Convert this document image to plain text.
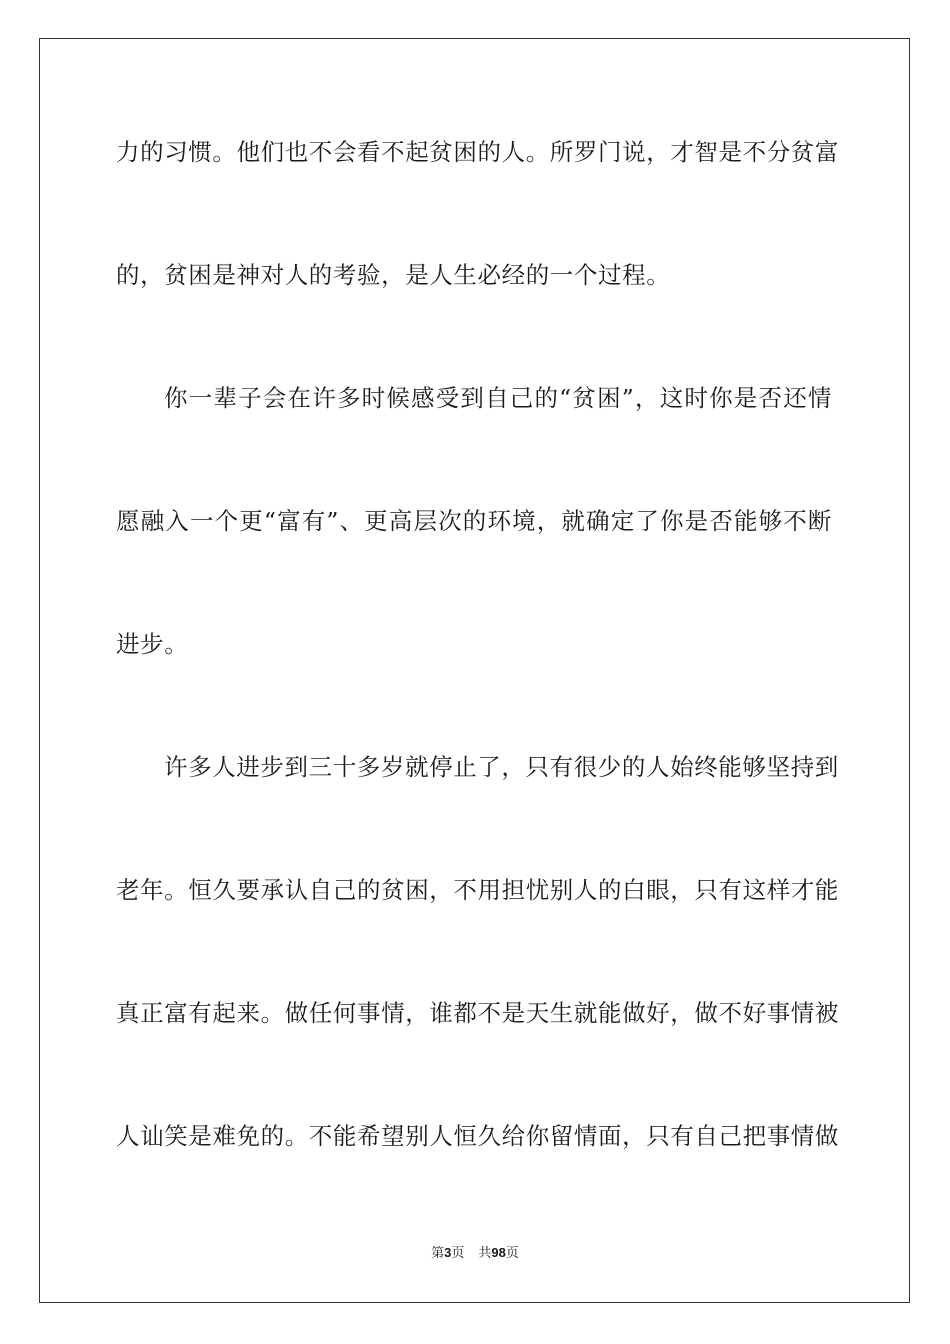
力的习惯。他们也不会看不起贫困的人。所罗门说，才智是不分贫富
的，贫困是神对人的考验，是人生必经的一个过程。
你一辈子会在许多时候感受到自己的“贫困”，这时你是否还情
愿融入一个更“富有”、更高层次的环境，就确定了你是否能够不断
进步。
许多人进步到三十多岁就停止了，只有很少的人始终能够坚持到
老年。恒久要承认自己的贫困，不用担忧别人的白眼，只有这样才能
真正富有起来。做任何事情，谁都不是天生就能做好，做不好事情被
人讪笑是难免的。不能希望别人恒久给你留情面，只有自己把事情做
第3页 共98页
